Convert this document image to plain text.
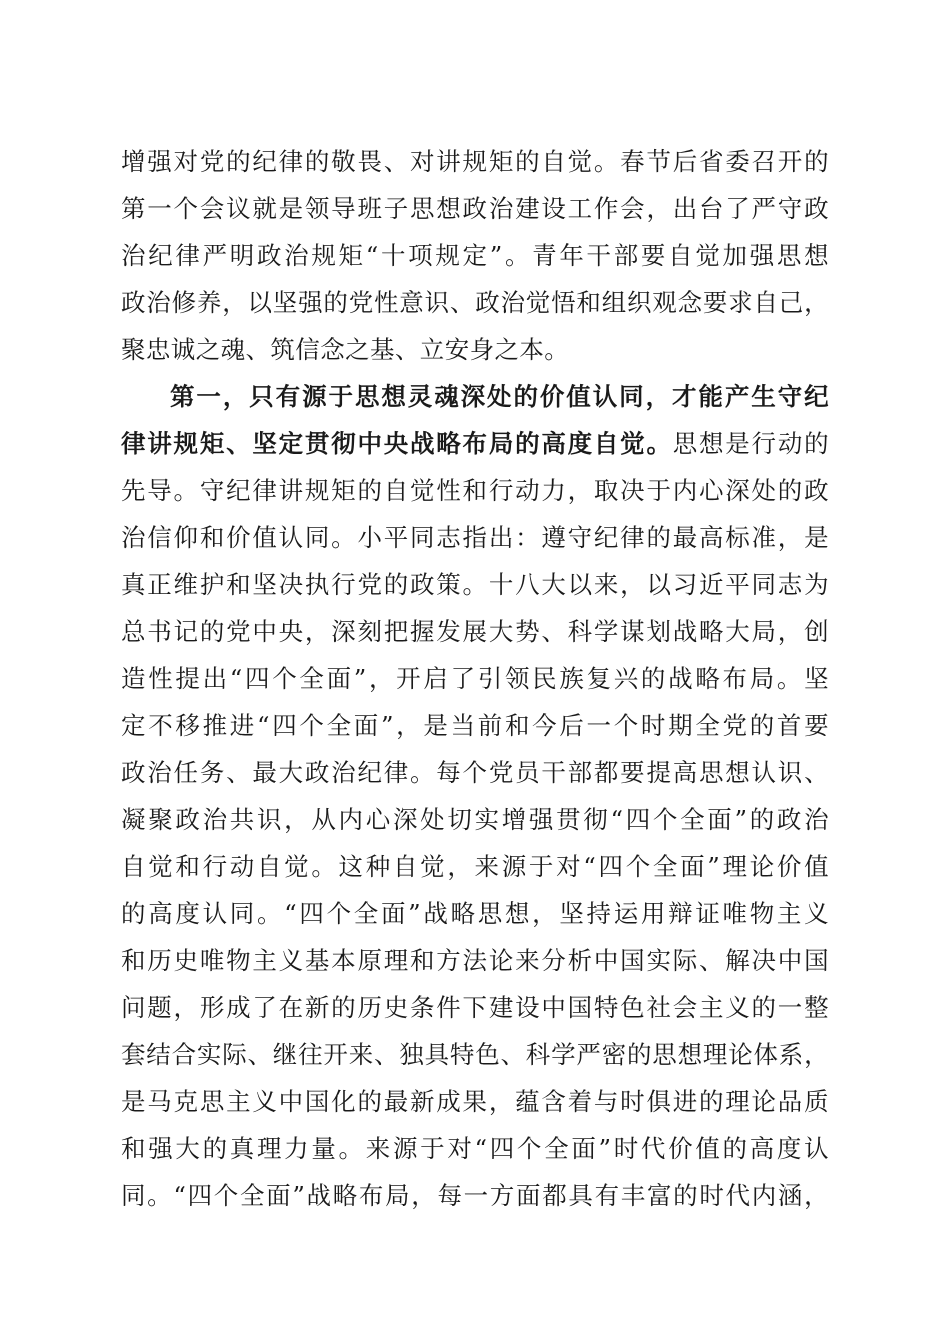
增强对党的纪律的敬畏、对讲规矩的自觉。春节后省委召开的
第一个会议就是领导班子思想政治建设工作会，出台了严守政
治纪律严明政治规矩“十项规定”。青年干部要自觉加强思想
政治修养，以坚强的党性意识、政治觉悟和组织观念要求自己，
聚忠诚之魂、筑信念之基、立安身之本。
第一，只有源于思想灵魂深处的价值认同，才能产生守纪
律讲规矩、坚定贯彻中央战略布局的高度自觉。思想是行动的
先导。守纪律讲规矩的自觉性和行动力，取决于内心深处的政
治信仰和价值认同。小平同志指出：遵守纪律的最高标准，是
真正维护和坚决执行党的政策。十八大以来，以习近平同志为
总书记的党中央，深刻把握发展大势、科学谋划战略大局，创
造性提出“四个全面”，开启了引领民族复兴的战略布局。坚
定不移推进“四个全面”，是当前和今后一个时期全党的首要
政治任务、最大政治纪律。每个党员干部都要提高思想认识、
凝聚政治共识，从内心深处切实增强贯彻“四个全面”的政治
自觉和行动自觉。这种自觉，来源于对“四个全面”理论价值
的高度认同。“四个全面”战略思想，坚持运用辩证唯物主义
和历史唯物主义基本原理和方法论来分析中国实际、解决中国
问题，形成了在新的历史条件下建设中国特色社会主义的一整
套结合实际、继往开来、独具特色、科学严密的思想理论体系，
是马克思主义中国化的最新成果，蕴含着与时俱进的理论品质
和强大的真理力量。来源于对“四个全面”时代价值的高度认
同。“四个全面”战略布局，每一方面都具有丰富的时代内涵，
